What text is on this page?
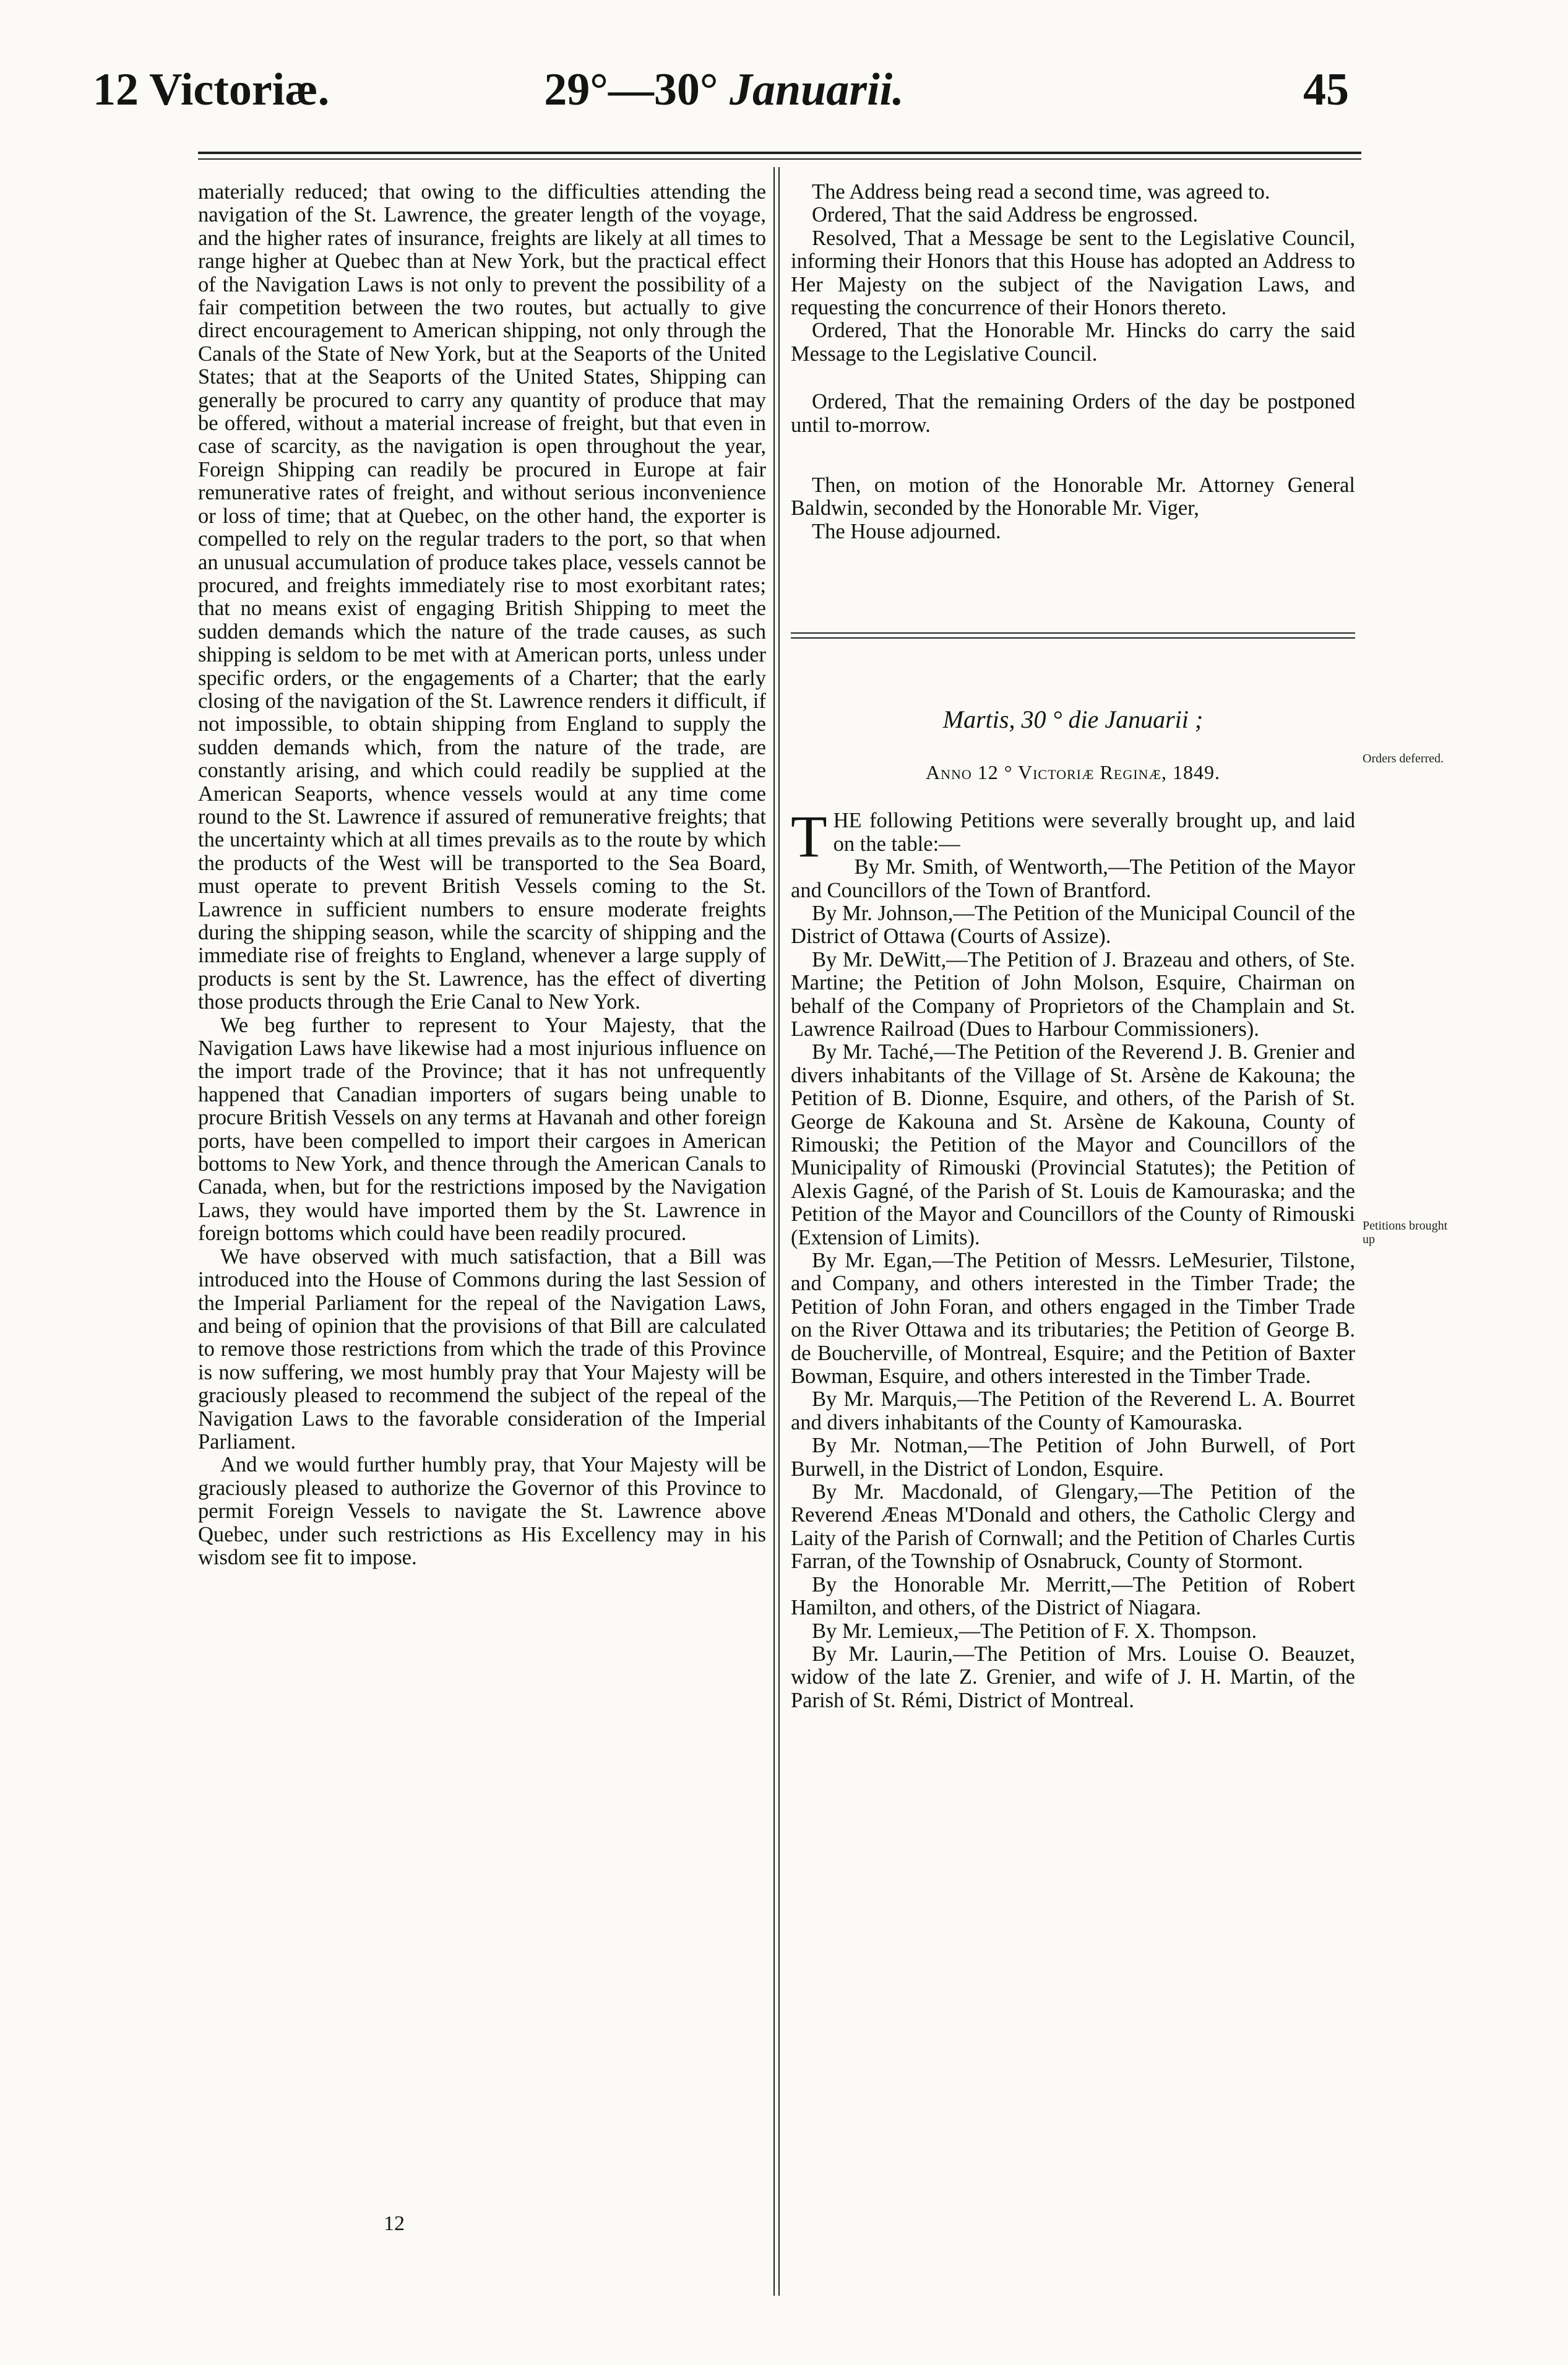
12 Victoriæ.	29°—30° Januarii.	45

materially reduced; that owing to the difficulties attending the navigation of the St. Lawrence, the greater length of the voyage, and the higher rates of insurance, freights are likely at all times to range higher at Quebec than at New York, but the practical effect of the Navigation Laws is not only to prevent the possibility of a fair competition between the two routes, but actually to give direct encouragement to American shipping, not only through the Canals of the State of New York, but at the Seaports of the United States; that at the Seaports of the United States, Shipping can generally be procured to carry any quantity of produce that may be offered, without a material increase of freight, but that even in case of scarcity, as the navigation is open throughout the year, Foreign Shipping can readily be procured in Europe at fair remunerative rates of freight, and without serious inconvenience or loss of time; that at Quebec, on the other hand, the exporter is compelled to rely on the regular traders to the port, so that when an unusual accumulation of produce takes place, vessels cannot be procured, and freights immediately rise to most exorbitant rates; that no means exist of engaging British Shipping to meet the sudden demands which the nature of the trade causes, as such shipping is seldom to be met with at American ports, unless under specific orders, or the engagements of a Charter; that the early closing of the navigation of the St. Lawrence renders it difficult, if not impossible, to obtain shipping from England to supply the sudden demands which, from the nature of the trade, are constantly arising, and which could readily be supplied at the American Seaports, whence vessels would at any time come round to the St. Lawrence if assured of remunerative freights; that the uncertainty which at all times prevails as to the route by which the products of the West will be transported to the Sea Board, must operate to prevent British Vessels coming to the St. Lawrence in sufficient numbers to ensure moderate freights during the shipping season, while the scarcity of shipping and the immediate rise of freights to England, whenever a large supply of products is sent by the St. Lawrence, has the effect of diverting those products through the Erie Canal to New York.

We beg further to represent to Your Majesty, that the Navigation Laws have likewise had a most injurious influence on the import trade of the Province; that it has not unfrequently happened that Canadian importers of sugars being unable to procure British Vessels on any terms at Havanah and other foreign ports, have been compelled to import their cargoes in American bottoms to New York, and thence through the American Canals to Canada, when, but for the restrictions imposed by the Navigation Laws, they would have imported them by the St. Lawrence in foreign bottoms which could have been readily procured.

We have observed with much satisfaction, that a Bill was introduced into the House of Commons during the last Session of the Imperial Parliament for the repeal of the Navigation Laws, and being of opinion that the provisions of that Bill are calculated to remove those restrictions from which the trade of this Province is now suffering, we most humbly pray that Your Majesty will be graciously pleased to recommend the subject of the repeal of the Navigation Laws to the favorable consideration of the Imperial Parliament.

And we would further humbly pray, that Your Majesty will be graciously pleased to authorize the Governor of this Province to permit Foreign Vessels to navigate the St. Lawrence above Quebec, under such restrictions as His Excellency may in his wisdom see fit to impose.

12

The Address being read a second time, was agreed to.

Ordered, That the said Address be engrossed.

Resolved, That a Message be sent to the Legislative Council, informing their Honors that this House has adopted an Address to Her Majesty on the subject of the Navigation Laws, and requesting the concurrence of their Honors thereto.

Ordered, That the Honorable Mr. Hincks do carry the said Message to the Legislative Council.

Ordered, That the remaining Orders of the day be postponed until to-morrow.

Then, on motion of the Honorable Mr. Attorney General Baldwin, seconded by the Honorable Mr. Viger,

The House adjourned.

Martis, 30 ° die Januarii ;
Anno 12 ° Victoriæ Reginæ, 1849.

THE following Petitions were severally brought up, and laid on the table:—

By Mr. Smith, of Wentworth,—The Petition of the Mayor and Councillors of the Town of Brantford.

By Mr. Johnson,—The Petition of the Municipal Council of the District of Ottawa (Courts of Assize).

By Mr. DeWitt,—The Petition of J. Brazeau and others, of Ste. Martine; the Petition of John Molson, Esquire, Chairman on behalf of the Company of Proprietors of the Champlain and St. Lawrence Railroad (Dues to Harbour Commissioners).

By Mr. Taché,—The Petition of the Reverend J. B. Grenier and divers inhabitants of the Village of St. Arsène de Kakouna; the Petition of B. Dionne, Esquire, and others, of the Parish of St. George de Kakouna and St. Arsène de Kakouna, County of Rimouski; the Petition of the Mayor and Councillors of the Municipality of Rimouski (Provincial Statutes); the Petition of Alexis Gagné, of the Parish of St. Louis de Kamouraska; and the Petition of the Mayor and Councillors of the County of Rimouski (Extension of Limits).

By Mr. Egan,—The Petition of Messrs. LeMesurier, Tilstone, and Company, and others interested in the Timber Trade; the Petition of John Foran, and others engaged in the Timber Trade on the River Ottawa and its tributaries; the Petition of George B. de Boucherville, of Montreal, Esquire; and the Petition of Baxter Bowman, Esquire, and others interested in the Timber Trade.

By Mr. Marquis,—The Petition of the Reverend L. A. Bourret and divers inhabitants of the County of Kamouraska.

By Mr. Notman,—The Petition of John Burwell, of Port Burwell, in the District of London, Esquire.

By Mr. Macdonald, of Glengary,—The Petition of the Reverend Æneas M'Donald and others, the Catholic Clergy and Laity of the Parish of Cornwall; and the Petition of Charles Curtis Farran, of the Township of Osnabruck, County of Stormont.

By the Honorable Mr. Merritt,—The Petition of Robert Hamilton, and others, of the District of Niagara.

By Mr. Lemieux,—The Petition of F. X. Thompson.

By Mr. Laurin,—The Petition of Mrs. Louise O. Beauzet, widow of the late Z. Grenier, and wife of J. H. Martin, of the Parish of St. Rémi, District of Montreal.

Orders deferred.
Petitions brought up
